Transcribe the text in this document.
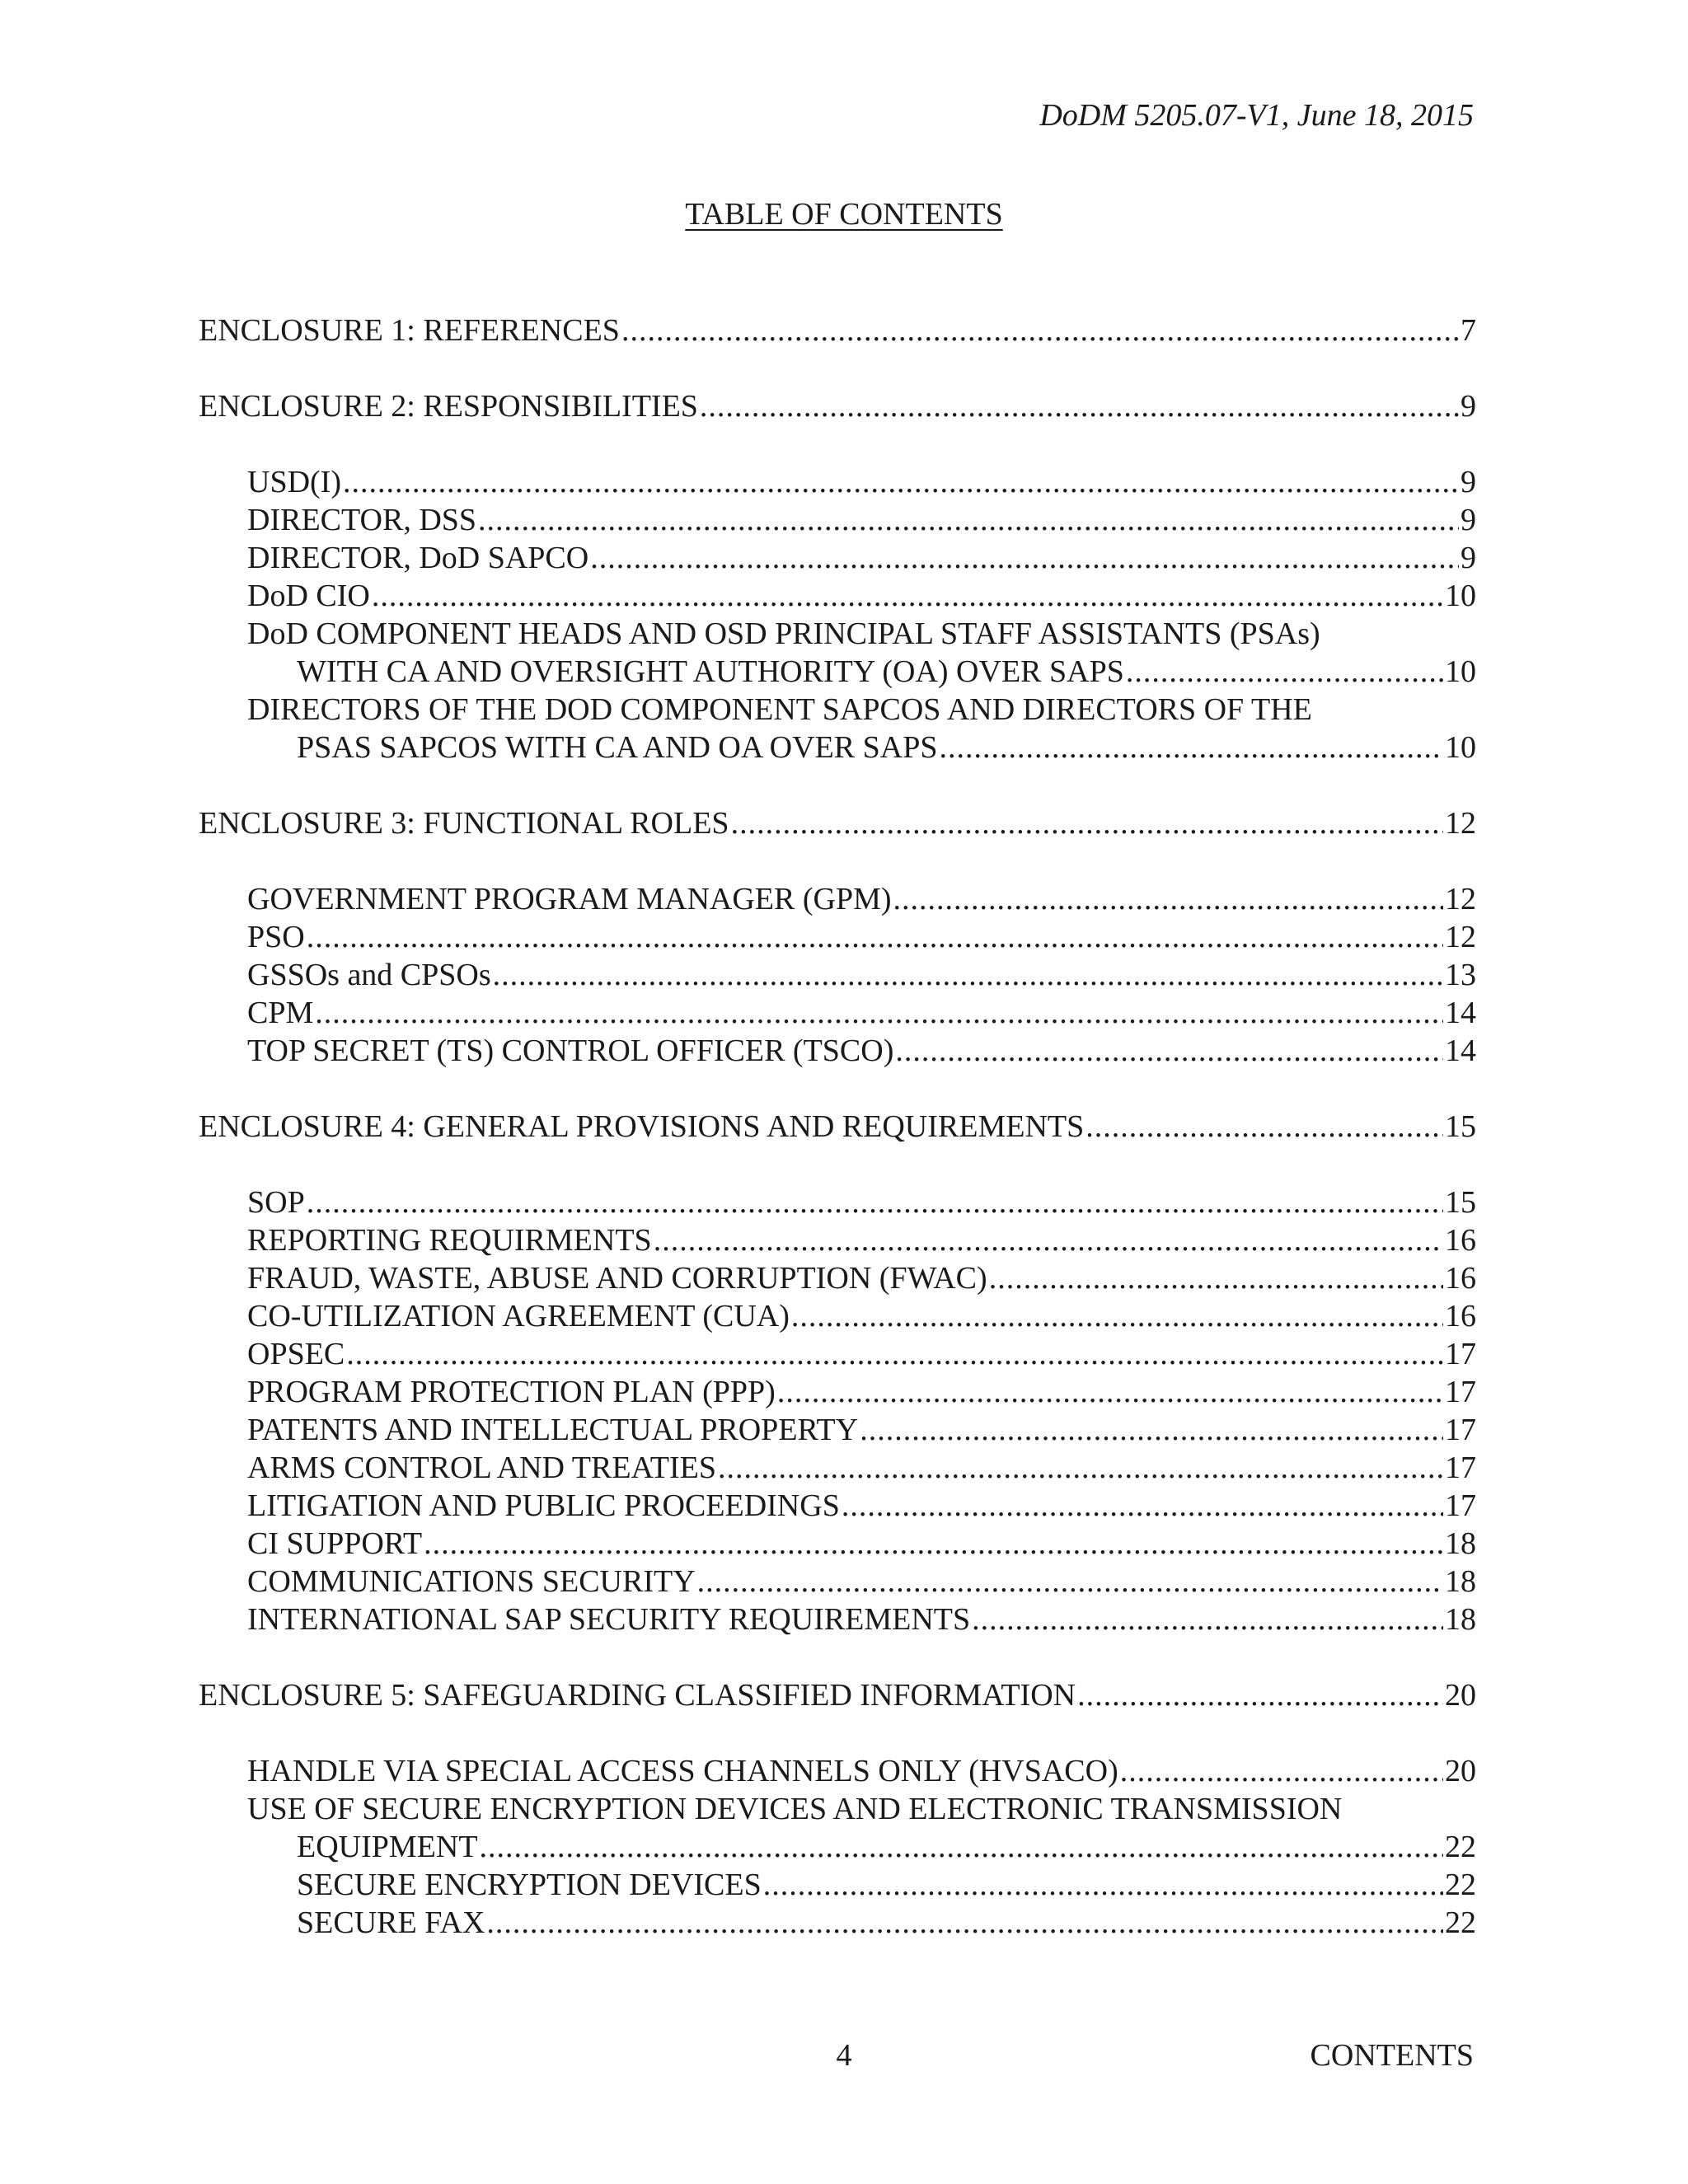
DoDM 5205.07-V1, June 18, 2015
TABLE OF CONTENTS
ENCLOSURE 1: REFERENCES .....	7
ENCLOSURE 2: RESPONSIBILITIES .....	9
USD(I) .....	9
DIRECTOR, DSS .....	9
DIRECTOR, DoD SAPCO .....	9
DoD CIO .....	10
DoD COMPONENT HEADS AND OSD PRINCIPAL STAFF ASSISTANTS (PSAs)
WITH CA AND OVERSIGHT AUTHORITY (OA) OVER SAPS .....	10
DIRECTORS OF THE DOD COMPONENT SAPCOS AND DIRECTORS OF THE
PSAS SAPCOS WITH CA AND OA OVER SAPS .....	10
ENCLOSURE 3: FUNCTIONAL ROLES .....	12
GOVERNMENT PROGRAM MANAGER (GPM) .....	12
PSO .....	12
GSSOs and CPSOs .....	13
CPM .....	14
TOP SECRET (TS) CONTROL OFFICER (TSCO) .....	14
ENCLOSURE 4: GENERAL PROVISIONS AND REQUIREMENTS .....	15
SOP .....	15
REPORTING REQUIRMENTS .....	16
FRAUD, WASTE, ABUSE AND CORRUPTION (FWAC) .....	16
CO-UTILIZATION AGREEMENT (CUA) .....	16
OPSEC .....	17
PROGRAM PROTECTION PLAN (PPP) .....	17
PATENTS AND INTELLECTUAL PROPERTY .....	17
ARMS CONTROL AND TREATIES .....	17
LITIGATION AND PUBLIC PROCEEDINGS .....	17
CI SUPPORT .....	18
COMMUNICATIONS SECURITY .....	18
INTERNATIONAL SAP SECURITY REQUIREMENTS .....	18
ENCLOSURE 5: SAFEGUARDING CLASSIFIED INFORMATION .....	20
HANDLE VIA SPECIAL ACCESS CHANNELS ONLY (HVSACO) .....	20
USE OF SECURE ENCRYPTION DEVICES AND ELECTRONIC TRANSMISSION
EQUIPMENT .....	22
SECURE ENCRYPTION DEVICES .....	22
SECURE FAX .....	22
4	CONTENTS
